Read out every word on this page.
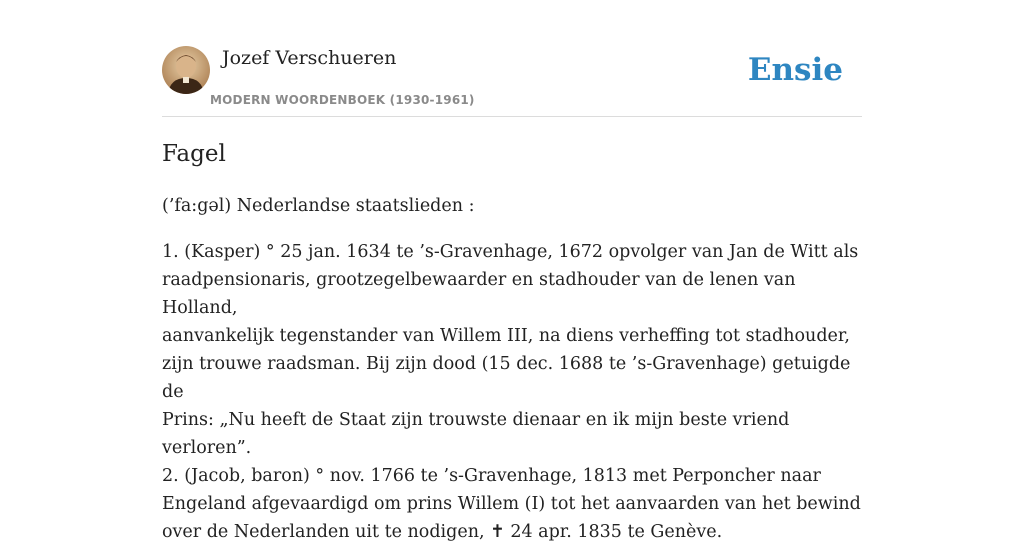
Jozef Verschueren
MODERN WOORDENBOEK (1930-1961)
Ensie
Fagel

(’fa:gəl) Nederlandse staatslieden :

1. (Kasper) ° 25 jan. 1634 te ’s-Gravenhage, 1672 opvolger van Jan de Witt als
raadpensionaris, grootzegelbewaarder en stadhouder van de lenen van Holland,
aanvankelijk tegenstander van Willem III, na diens verheffing tot stadhouder,
zijn trouwe raadsman. Bij zijn dood (15 dec. 1688 te ’s-Gravenhage) getuigde de
Prins: „Nu heeft de Staat zijn trouwste dienaar en ik mijn beste vriend verloren”.
2. (Jacob, baron) ° nov. 1766 te ’s-Gravenhage, 1813 met Perponcher naar
Engeland afgevaardigd om prins Willem (I) tot het aanvaarden van het bewind
over de Nederlanden uit te nodigen, ✝ 24 apr. 1835 te Genève.
